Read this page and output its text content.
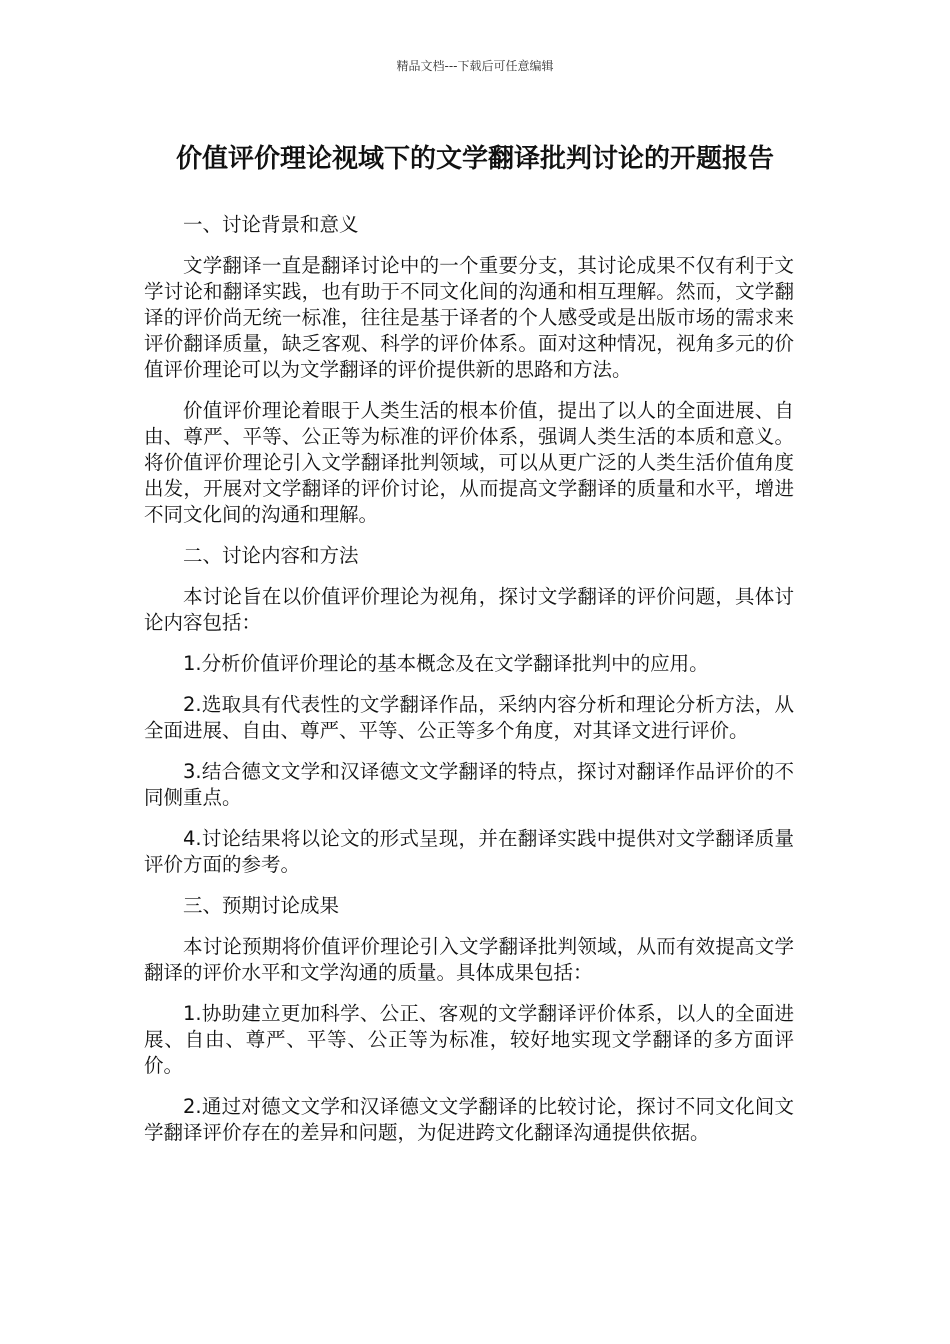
精品文档---下载后可任意编辑
价值评价理论视域下的文学翻译批判讨论的开题报告

一、讨论背景和意义

文学翻译一直是翻译讨论中的一个重要分支，其讨论成果不仅有利于文学讨论和翻译实践，也有助于不同文化间的沟通和相互理解。然而，文学翻译的评价尚无统一标准，往往是基于译者的个人感受或是出版市场的需求来评价翻译质量，缺乏客观、科学的评价体系。面对这种情况，视角多元的价值评价理论可以为文学翻译的评价提供新的思路和方法。

价值评价理论着眼于人类生活的根本价值，提出了以人的全面进展、自由、尊严、平等、公正等为标准的评价体系，强调人类生活的本质和意义。将价值评价理论引入文学翻译批判领域，可以从更广泛的人类生活价值角度出发，开展对文学翻译的评价讨论，从而提高文学翻译的质量和水平，增进不同文化间的沟通和理解。

二、讨论内容和方法

本讨论旨在以价值评价理论为视角，探讨文学翻译的评价问题，具体讨论内容包括：

1.分析价值评价理论的基本概念及在文学翻译批判中的应用。

2.选取具有代表性的文学翻译作品，采纳内容分析和理论分析方法，从全面进展、自由、尊严、平等、公正等多个角度，对其译文进行评价。

3.结合德文文学和汉译德文文学翻译的特点，探讨对翻译作品评价的不同侧重点。

4.讨论结果将以论文的形式呈现，并在翻译实践中提供对文学翻译质量评价方面的参考。

三、预期讨论成果

本讨论预期将价值评价理论引入文学翻译批判领域，从而有效提高文学翻译的评价水平和文学沟通的质量。具体成果包括：

1.协助建立更加科学、公正、客观的文学翻译评价体系，以人的全面进展、自由、尊严、平等、公正等为标准，较好地实现文学翻译的多方面评价。

2.通过对德文文学和汉译德文文学翻译的比较讨论，探讨不同文化间文学翻译评价存在的差异和问题，为促进跨文化翻译沟通提供依据。
